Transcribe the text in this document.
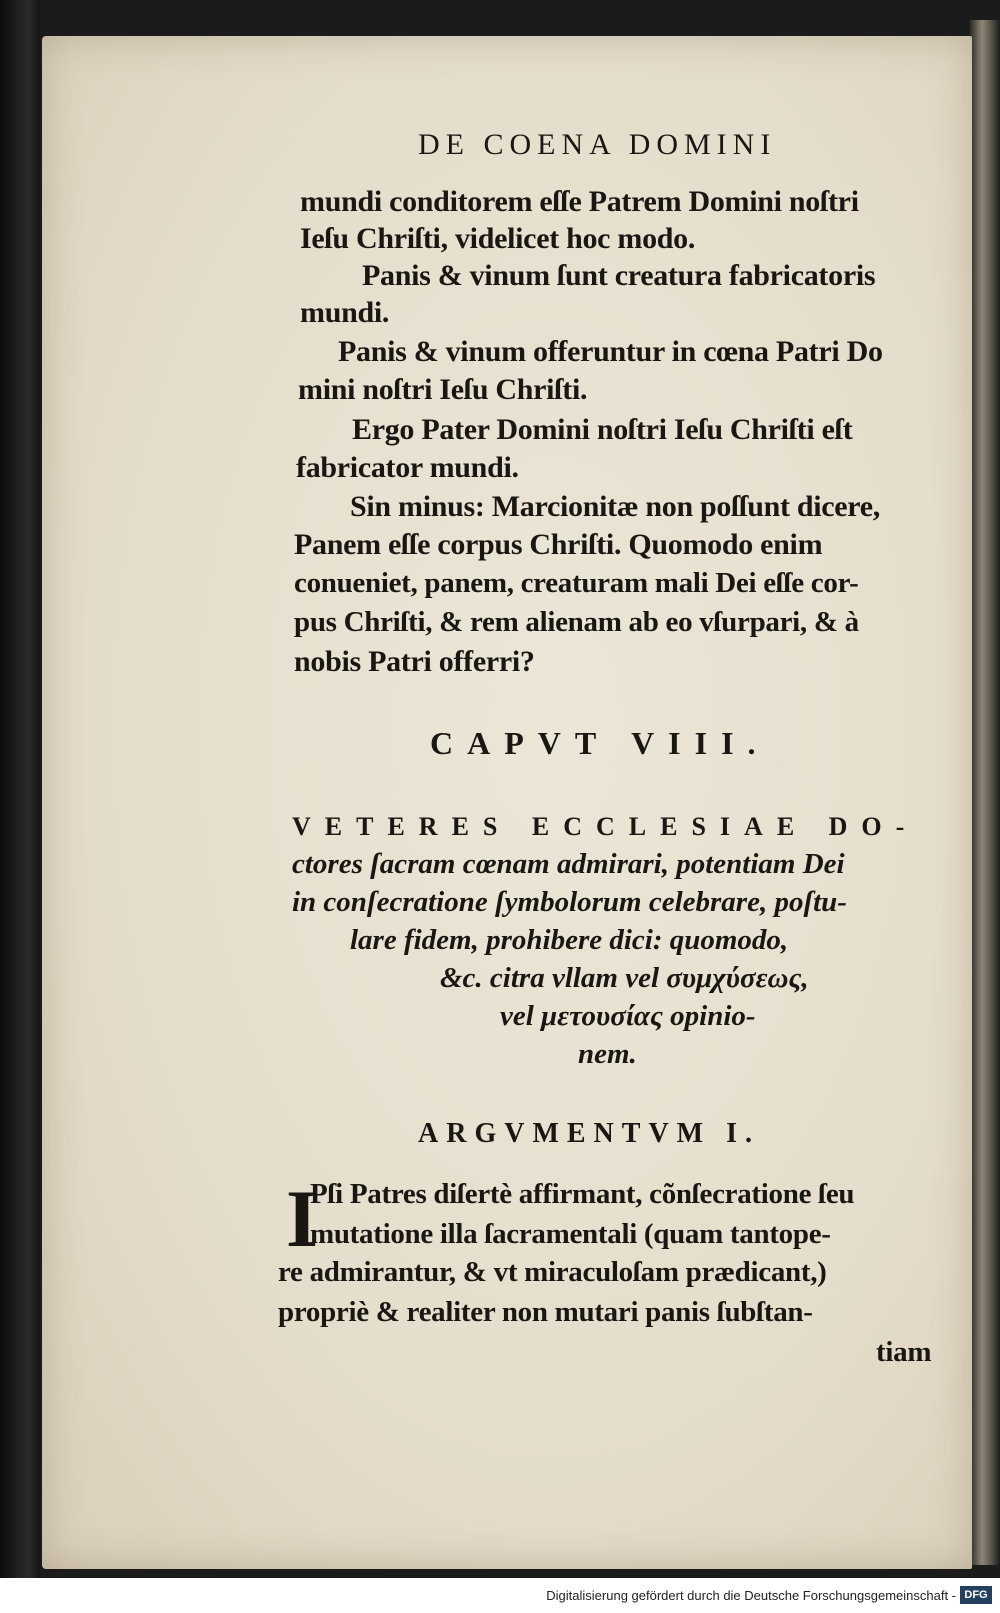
DE COENA DOMINI
mundi conditorem eſſe Patrem Domini noſtri
Ieſu Chriſti, videlicet hoc modo.
Panis & vinum ſunt creatura fabricatoris
mundi.
Panis & vinum offeruntur in cœna Patri Do
mini noſtri Ieſu Chriſti.
Ergo Pater Domini noſtri Ieſu Chriſti eſt
fabricator mundi.
Sin minus: Marcionitæ non poſſunt dicere,
Panem eſſe corpus Chriſti. Quomodo enim
conueniet, panem, creaturam mali Dei eſſe cor-
pus Chriſti, & rem alienam ab eo vſurpari, & à
nobis Patri offerri?
CAPVT VIII.
VETERES ECCLESIAE DO-
ctores ſacram cœnam admirari, potentiam Dei
in conſecratione ſymbolorum celebrare, poſtu-
lare fidem, prohibere dici: quomodo,
&c. citra vllam vel συμχύσεως,
vel μετουσίας opinio-
nem.
ARGVMENTVM I.
I
Pſi Patres diſertè affirmant, cõnſecratione ſeu
mutatione illa ſacramentali (quam tantope-
re admirantur, & vt miraculoſam prædicant,)
propriè & realiter non mutari panis ſubſtan-
tiam
Digitalisierung gefördert durch die Deutsche Forschungsgemeinschaft - DFG
